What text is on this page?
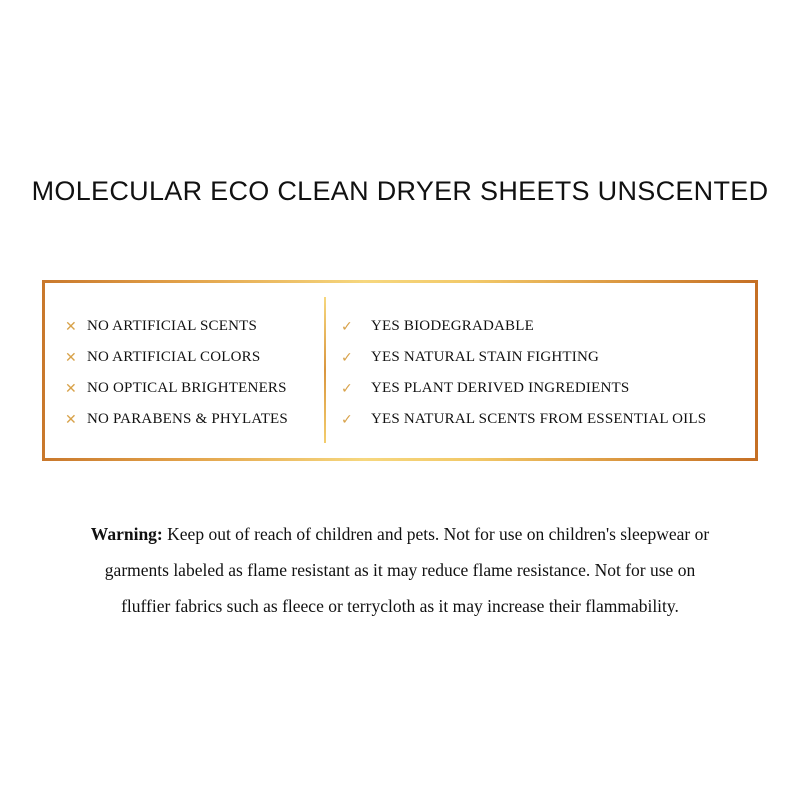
MOLECULAR ECO CLEAN DRYER SHEETS UNSCENTED
✕ NO ARTIFICIAL SCENTS
✕ NO ARTIFICIAL COLORS
✕ NO OPTICAL BRIGHTENERS
✕ NO PARABENS & PHYLATES
✓	YES BIODEGRADABLE
✓	YES NATURAL STAIN FIGHTING
✓	YES PLANT DERIVED INGREDIENTS
✓	YES NATURAL SCENTS FROM ESSENTIAL OILS
Warning: Keep out of reach of children and pets. Not for use on children's sleepwear or
garments labeled as flame resistant as it may reduce flame resistance. Not for use on
fluffier fabrics such as fleece or terrycloth as it may increase their flammability.
